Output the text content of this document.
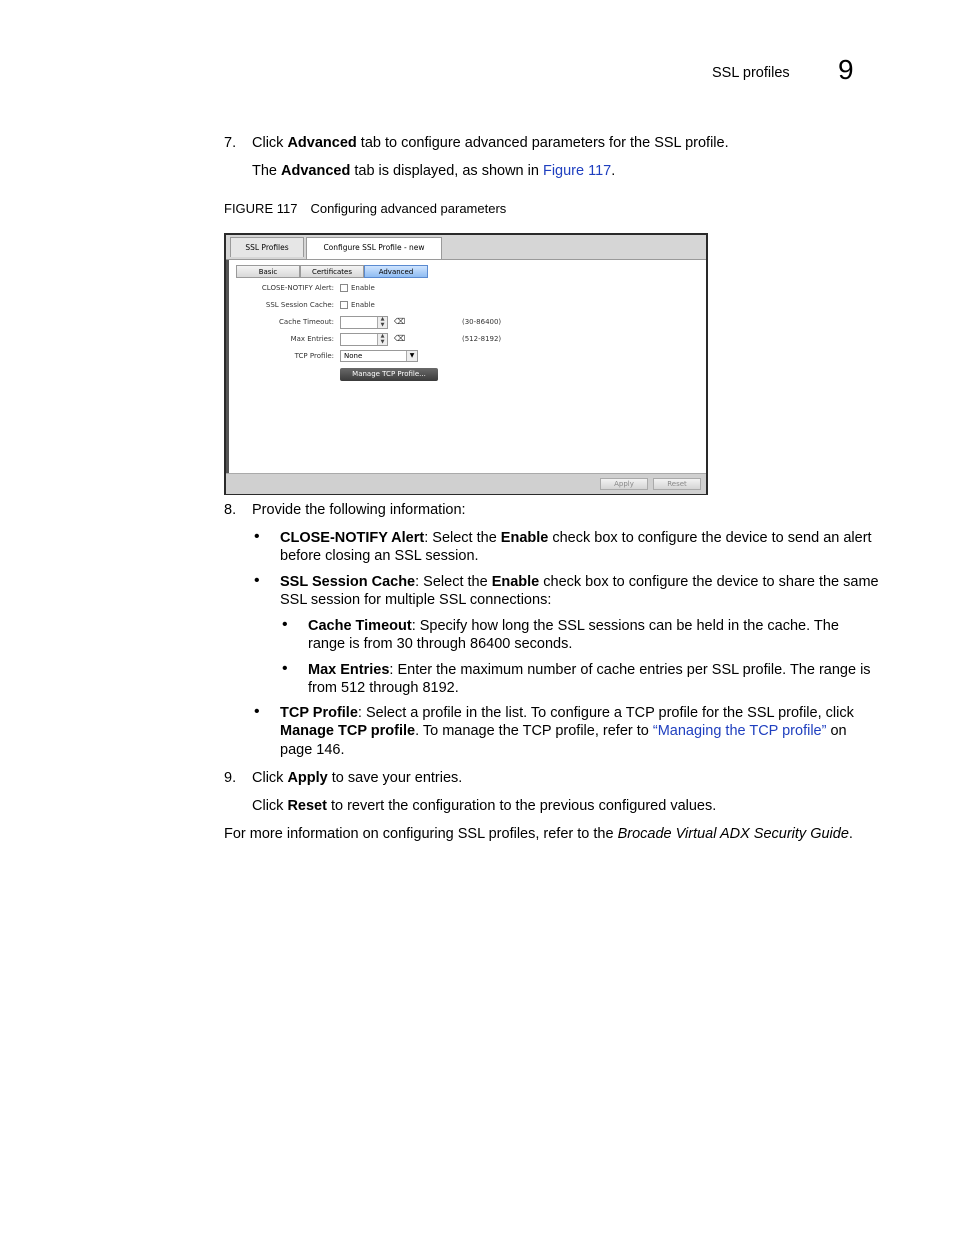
SSL profiles 9
7. Click Advanced tab to configure advanced parameters for the SSL profile.
The Advanced tab is displayed, as shown in Figure 117.
FIGURE 117 Configuring advanced parameters
SSL Profiles	Configure SSL Profile - new
Basic	Certificates	Advanced
CLOSE-NOTIFY Alert: Enable
SSL Session Cache: Enable
Cache Timeout:	▲
▼	⌫	(30-86400)
Max Entries:	▲
▼	⌫	(512-8192)
TCP Profile:	None	▼
Manage TCP Profile...
Apply	Reset
8. Provide the following information:
• CLOSE-NOTIFY Alert: Select the Enable check box to configure the device to send an alert
before closing an SSL session.
• SSL Session Cache: Select the Enable check box to configure the device to share the same
SSL session for multiple SSL connections:
• Cache Timeout: Specify how long the SSL sessions can be held in the cache. The
range is from 30 through 86400 seconds.
• Max Entries: Enter the maximum number of cache entries per SSL profile. The range is
from 512 through 8192.
• TCP Profile: Select a profile in the list. To configure a TCP profile for the SSL profile, click
Manage TCP profile. To manage the TCP profile, refer to “Managing the TCP profile” on
page 146.
9. Click Apply to save your entries.
Click Reset to revert the configuration to the previous configured values.
For more information on configuring SSL profiles, refer to the Brocade Virtual ADX Security Guide.
